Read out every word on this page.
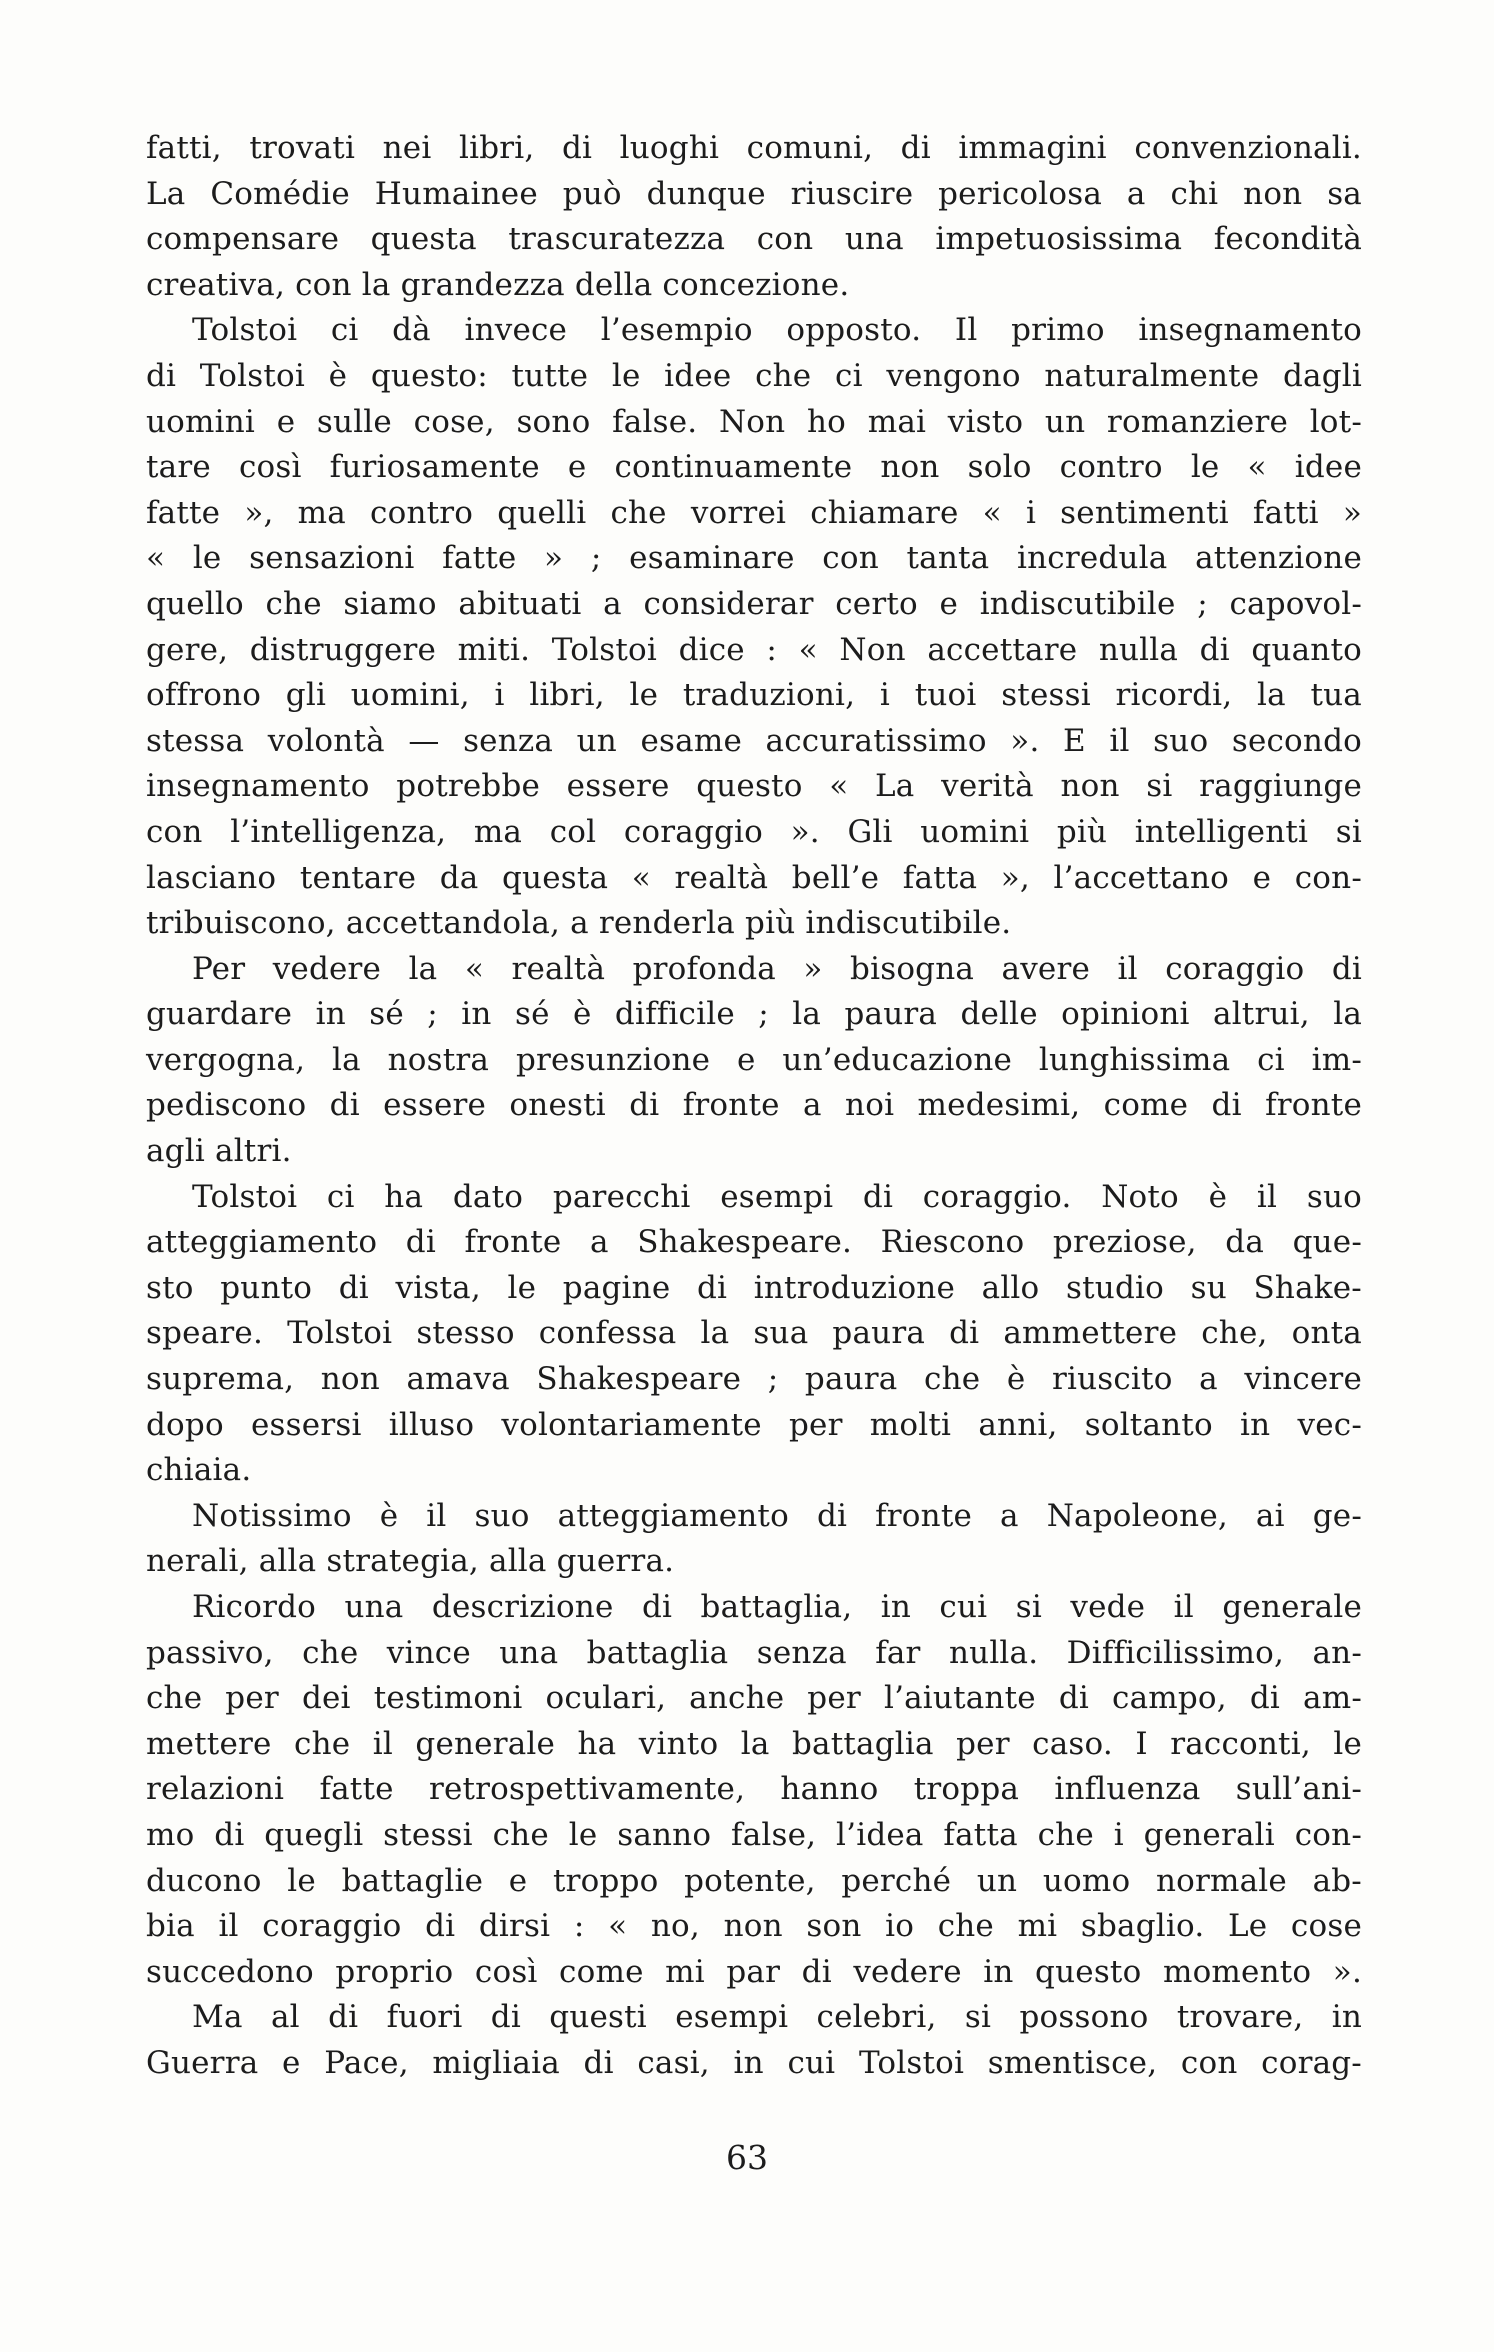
fatti, trovati nei libri, di luoghi comuni, di immagini convenzionali.
La Comédie Humainee può dunque riuscire pericolosa a chi non sa
compensare questa trascuratezza con una impetuosissima fecondità
creativa, con la grandezza della concezione.
Tolstoi ci dà invece l’esempio opposto. Il primo insegnamento
di Tolstoi è questo: tutte le idee che ci vengono naturalmente dagli
uomini e sulle cose, sono false. Non ho mai visto un romanziere lot-
tare così furiosamente e continuamente non solo contro le « idee
fatte », ma contro quelli che vorrei chiamare « i sentimenti fatti »
« le sensazioni fatte » ; esaminare con tanta incredula attenzione
quello che siamo abituati a considerar certo e indiscutibile ; capovol-
gere, distruggere miti. Tolstoi dice : « Non accettare nulla di quanto
offrono gli uomini, i libri, le traduzioni, i tuoi stessi ricordi, la tua
stessa volontà — senza un esame accuratissimo ». E il suo secondo
insegnamento potrebbe essere questo « La verità non si raggiunge
con l’intelligenza, ma col coraggio ». Gli uomini più intelligenti si
lasciano tentare da questa « realtà bell’e fatta », l’accettano e con-
tribuiscono, accettandola, a renderla più indiscutibile.
Per vedere la « realtà profonda » bisogna avere il coraggio di
guardare in sé ; in sé è difficile ; la paura delle opinioni altrui, la
vergogna, la nostra presunzione e un’educazione lunghissima ci im-
pediscono di essere onesti di fronte a noi medesimi, come di fronte
agli altri.
Tolstoi ci ha dato parecchi esempi di coraggio. Noto è il suo
atteggiamento di fronte a Shakespeare. Riescono preziose, da que-
sto punto di vista, le pagine di introduzione allo studio su Shake-
speare. Tolstoi stesso confessa la sua paura di ammettere che, onta
suprema, non amava Shakespeare ; paura che è riuscito a vincere
dopo essersi illuso volontariamente per molti anni, soltanto in vec-
chiaia.
Notissimo è il suo atteggiamento di fronte a Napoleone, ai ge-
nerali, alla strategia, alla guerra.
Ricordo una descrizione di battaglia, in cui si vede il generale
passivo, che vince una battaglia senza far nulla. Difficilissimo, an-
che per dei testimoni oculari, anche per l’aiutante di campo, di am-
mettere che il generale ha vinto la battaglia per caso. I racconti, le
relazioni fatte retrospettivamente, hanno troppa influenza sull’ani-
mo di quegli stessi che le sanno false, l’idea fatta che i generali con-
ducono le battaglie e troppo potente, perché un uomo normale ab-
bia il coraggio di dirsi : « no, non son io che mi sbaglio. Le cose
succedono proprio così come mi par di vedere in questo momento ».
Ma al di fuori di questi esempi celebri, si possono trovare, in
Guerra e Pace, migliaia di casi, in cui Tolstoi smentisce, con corag-
63
